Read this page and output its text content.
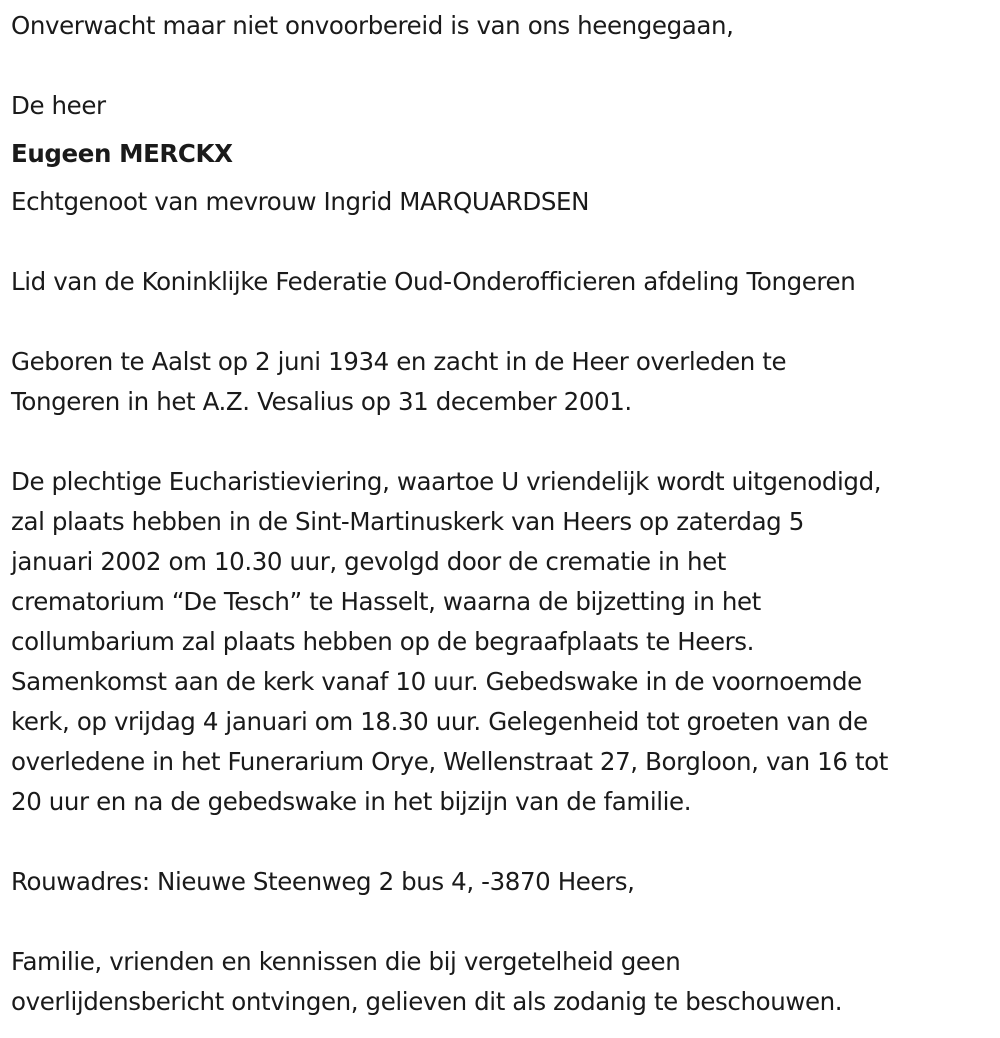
Onverwacht maar niet onvoorbereid is van ons heengegaan,
De heer
Eugeen MERCKX
Echtgenoot van mevrouw Ingrid MARQUARDSEN
Lid van de Koninklijke Federatie Oud-Onderofficieren afdeling Tongeren
Geboren te Aalst op 2 juni 1934 en zacht in de Heer overleden te
Tongeren in het A.Z. Vesalius op 31 december 2001.
De plechtige Eucharistieviering, waartoe U vriendelijk wordt uitgenodigd,
zal plaats hebben in de Sint-Martinuskerk van Heers op zaterdag 5
januari 2002 om 10.30 uur, gevolgd door de crematie in het
crematorium “De Tesch” te Hasselt, waarna de bijzetting in het
collumbarium zal plaats hebben op de begraafplaats te Heers.
Samenkomst aan de kerk vanaf 10 uur. Gebedswake in de voornoemde
kerk, op vrijdag 4 januari om 18.30 uur. Gelegenheid tot groeten van de
overledene in het Funerarium Orye, Wellenstraat 27, Borgloon, van 16 tot
20 uur en na de gebedswake in het bijzijn van de familie.
Rouwadres: Nieuwe Steenweg 2 bus 4, -3870 Heers,
Familie, vrienden en kennissen die bij vergetelheid geen
overlijdensbericht ontvingen, gelieven dit als zodanig te beschouwen.
